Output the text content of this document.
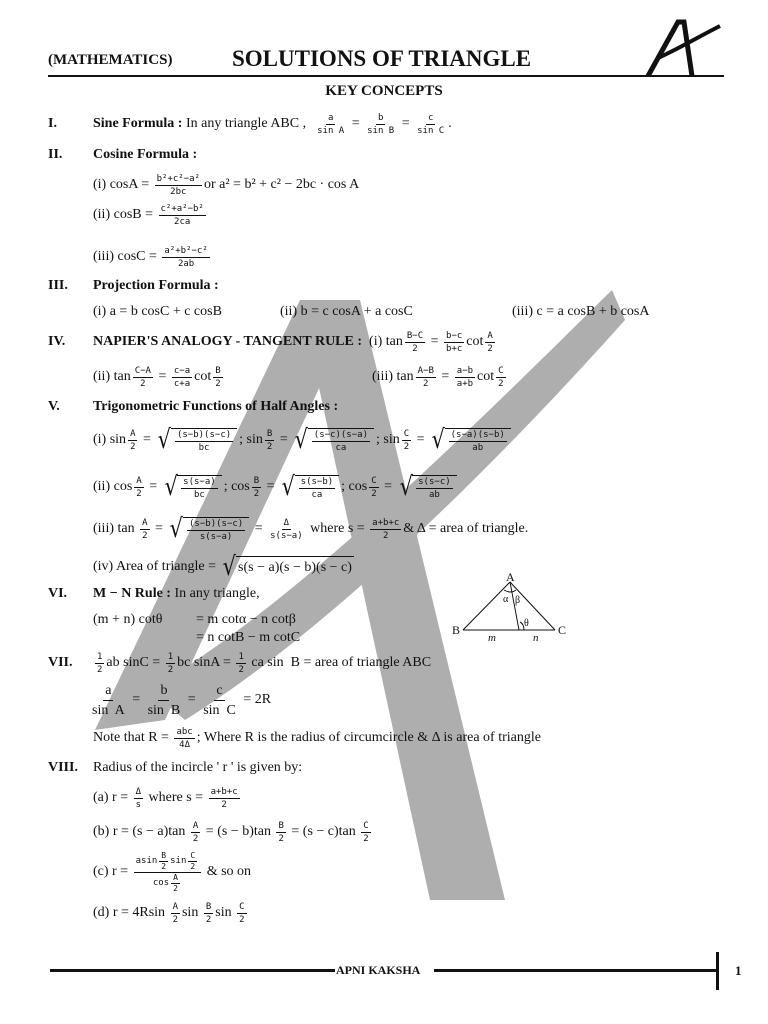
(MATHEMATICS)	SOLUTIONS OF TRIANGLE
KEY CONCEPTS
I.	Sine Formula : In any triangle ABC , $\frac{a}{\text{sin A}} = \frac{b}{\text{sin B}} = \frac{c}{\text{sin C}}$ .
II. Cosine Formula :
(i) $\cos A = \frac{\text{b²+c²−a²}}{2bc}$ or a² = b² + c² − 2bc · cos A
(ii) $\cos B = \frac{\text{c²+a²−b²}}{2ca}$
(iii) $\cos C = \frac{\text{a²+b²−c²}}{2ab}$
III. Projection Formula :
(i) a = b cosC + c cosB	(ii) b = c cosA + a cosC	(iii) c = a cosB + b cosA
IV. NAPIER'S ANALOGY - TANGENT RULE : (i) $\tan \frac{B-C}{2} = \frac{b-c}{b+c}$ $\cot \frac{A}{2}$
(ii) $\tan \frac{C-A}{2} = \frac{c-a}{c+a}$ $\cot \frac{B}{2}$	(iii) $\tan \frac{A-B}{2} = \frac{a-b}{a+b}$ $\cot \frac{C}{2}$
V. Trigonometric Functions of Half Angles :
(i) $\sin \frac{A}{2}$ = √ $\frac{(s-b)(s-c)}{bc}$ ; $\sin \frac{B}{2}$ = √ $\frac{(s-c)(s-a)}{ca}$ ; $\sin \frac{C}{2}$ = √ $\frac{(s-a)(s-b)}{ab}$
(ii) $\cos \frac{A}{2}$ = √ $\frac{s(s-a)}{bc}$ ; $\cos \frac{B}{2}$ = √ $\frac{s(s-b)}{ca}$ ; $\cos \frac{C}{2}$ = √ $\frac{s(s-c)}{ab}$
(iii) $\tan \frac{A}{2}$ = √ $\frac{(s-b)(s-c)}{s(s-a)} = \frac{\Delta}{s(s-a)}$ where $s = \frac{a+b+c}{2}$ & Δ = area of triangle.
(iv) Area of triangle = √ s(s − a)(s − b)(s − c)
VI. M − N Rule : In any triangle,
(m + n) cotθ = m cotα − n cotβ
= n cotB − m cotC
A
B	C
m	n
α β
θ
VII. $\frac{1}{2}$ ab $\sin C = \frac{1}{2}$ bc $\sin A = \frac{1}{2}$ ca sin  B = area of triangle ABC
$\frac{a}{\text{sin  A}} = \frac{b}{\text{sin  B}} = \frac{c}{\text{sin  C}} = 2R$
Note that $R = \frac{\text{abc}}{4\Delta}$ ; Where R is the radius of circumcircle & Δ is area of triangle
VIII. Radius of the incircle ' r ' is given by:
(a) $r = \frac{\Delta}{s}$ where $s = \frac{a+b+c}{2}$
(b) $r = (s - a)\tan \frac{A}{2} = (s - b)\tan \frac{B}{2} = (s - c)\tan \frac{C}{2}$
(c) $r = \frac{asin \frac{B}{2} \sin \frac{C}{2}}{\cos \frac{A}{2}}$ & so on
(d) $r = 4Rsin \frac{A}{2}$ $\sin \frac{B}{2}$ $\sin \frac{C}{2}$
APNI KAKSHA	1
